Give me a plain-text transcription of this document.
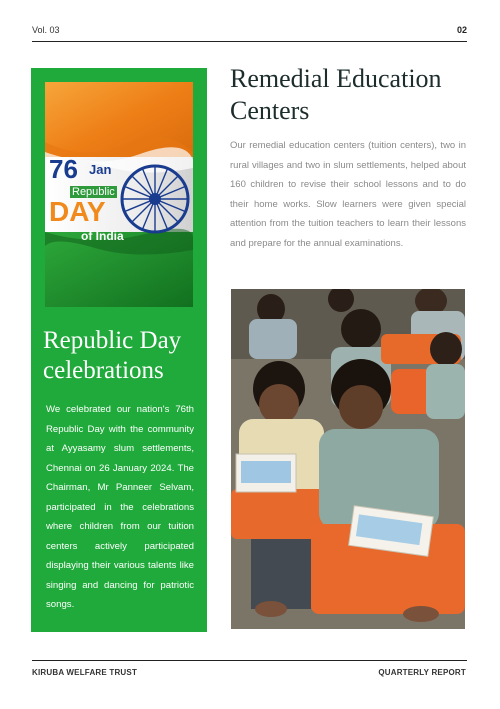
Vol. 03	02
76 Jan
Republic
DAY
of India
Republic Day celebrations
We celebrated our nation's 76th Republic Day with the community at Ayyasamy slum settlements, Chennai on 26 January 2024. The Chairman, Mr Panneer Selvam, participated in the celebrations where children from our tuition centers actively participated displaying their various talents like singing and dancing for patriotic songs.
Remedial Education Centers
Our remedial education centers (tuition centers), two in rural villages and two in slum settlements, helped about 160 children to revise their school lessons and to do their home works. Slow learners were given special attention from the tuition teachers to learn their lessons and prepare for the annual examinations.
KIRUBA WELFARE TRUST	QUARTERLY REPORT
